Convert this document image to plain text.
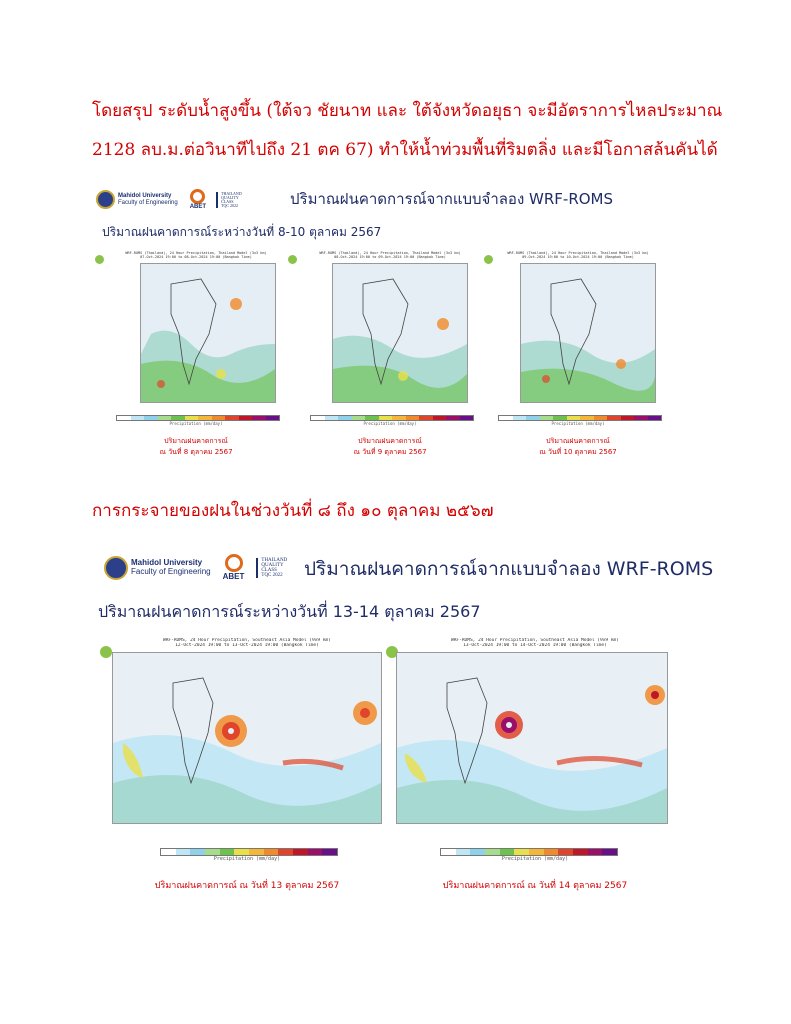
โดยสรุป ระดับน้ำสูงขึ้น (ใต้จว ชัยนาท และ ใต้จังหวัดอยุธา จะมีอัตราการไหลประมาณ
2128 ลบ.ม.ต่อวินาทีไปถึง 21 ตค 67) ทำให้น้ำท่วมพื้นที่ริมตลิ่ง และมีโอกาสล้นคันได้
Mahidol University
Faculty of Engineering
ABET
THAILAND
QUALITY
CLASS
TQC 2022	ปริมาณฝนคาดการณ์จากแบบจำลอง WRF-ROMS
ปริมาณฝนคาดการณ์ระหว่างวันที่ 8-10 ตุลาคม 2567
WRF-ROMS (Thailand), 24 Hour Precipitation, Thailand Model (3x3 km)
07-Oct-2024 19:00 to 08-Oct-2024 19:00 (Bangkok Time)
Precipitation (mm/day)
ปริมาณฝนคาดการณ์
ณ วันที่ 8 ตุลาคม 2567
WRF-ROMS (Thailand), 24 Hour Precipitation, Thailand Model (3x3 km)
08-Oct-2024 19:00 to 09-Oct-2024 19:00 (Bangkok Time)
Precipitation (mm/day)
ปริมาณฝนคาดการณ์
ณ วันที่ 9 ตุลาคม 2567
WRF-ROMS (Thailand), 24 Hour Precipitation, Thailand Model (3x3 km)
09-Oct-2024 19:00 to 10-Oct-2024 19:00 (Bangkok Time)
Precipitation (mm/day)
ปริมาณฝนคาดการณ์
ณ วันที่ 10 ตุลาคม 2567
การกระจายของฝนในช่วงวันที่ ๘ ถึง ๑๐ ตุลาคม ๒๕๖๗
Mahidol University
Faculty of Engineering
ABET
THAILAND
QUALITY
CLASS
TQC 2022 ปริมาณฝนคาดการณ์จากแบบจำลอง WRF-ROMS
ปริมาณฝนคาดการณ์ระหว่างวันที่ 13-14 ตุลาคม 2567
WRF-ROMS, 24 Hour Precipitation, Southeast Asia Model (9x9 km)
12-Oct-2024 19:00 to 13-Oct-2024 19:00 (Bangkok Time)
Precipitation (mm/day)
ปริมาณฝนคาดการณ์ ณ วันที่ 13 ตุลาคม 2567
WRF-ROMS, 24 Hour Precipitation, Southeast Asia Model (9x9 km)
13-Oct-2024 19:00 to 14-Oct-2024 19:00 (Bangkok Time)
Precipitation (mm/day)
ปริมาณฝนคาดการณ์ ณ วันที่ 14 ตุลาคม 2567
